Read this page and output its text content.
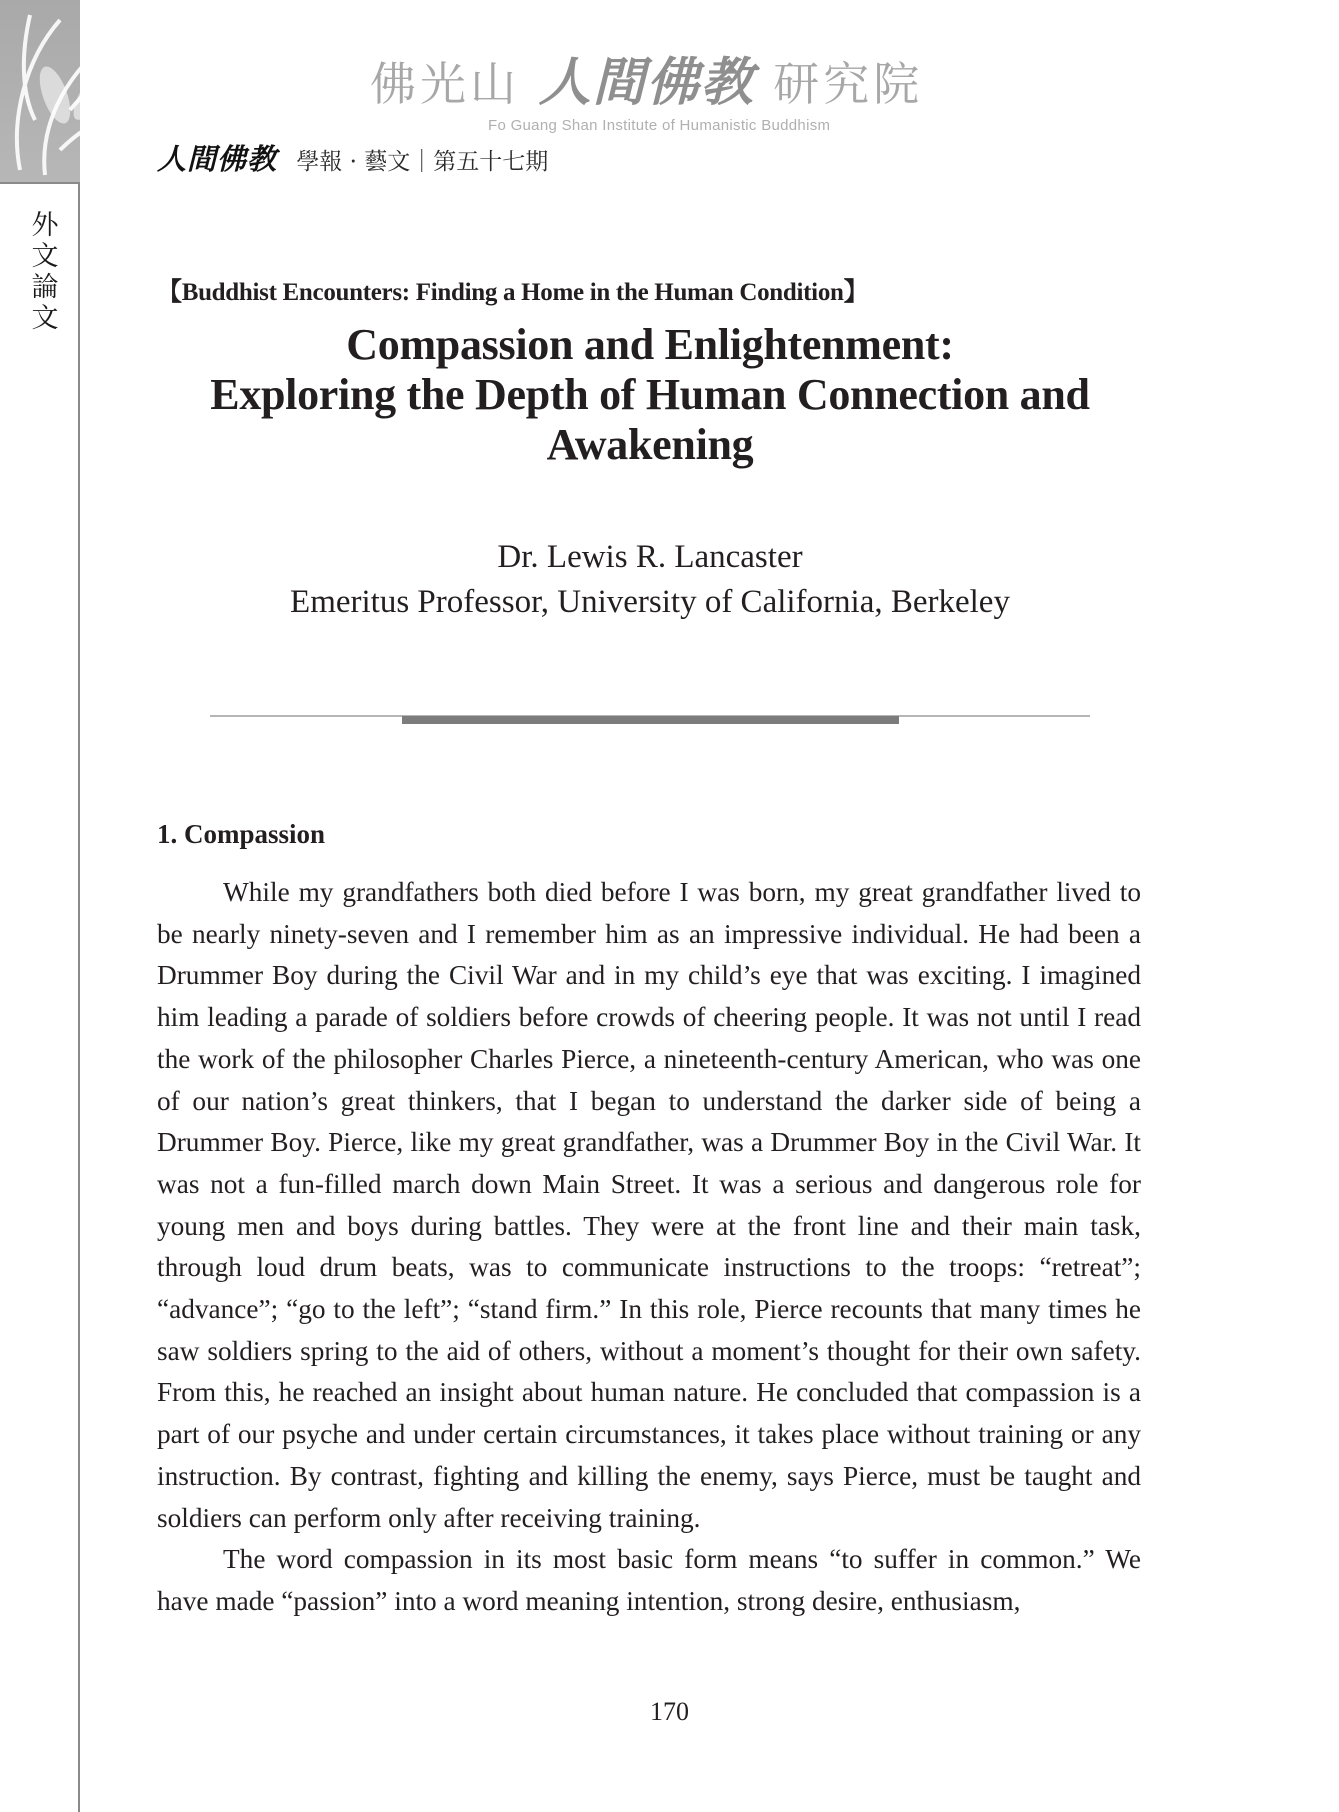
外文論文
佛光山 人間佛教 研究院
Fo Guang Shan Institute of Humanistic Buddhism
人間佛教 學報 · 藝文｜第五十七期
【Buddhist Encounters: Finding a Home in the Human Condition】
Compassion and Enlightenment:
Exploring the Depth of Human Connection and
Awakening
Dr. Lewis R. Lancaster
Emeritus Professor, University of California, Berkeley
1. Compassion

While my grandfathers both died before I was born, my great grandfather lived to be nearly ninety-seven and I remember him as an impressive individual. He had been a Drummer Boy during the Civil War and in my child’s eye that was exciting. I imagined him leading a parade of soldiers before crowds of cheering people. It was not until I read the work of the philosopher Charles Pierce, a nineteenth-century American, who was one of our nation’s great thinkers, that I began to understand the darker side of being a Drummer Boy. Pierce, like my great grandfather, was a Drummer Boy in the Civil War. It was not a fun-filled march down Main Street. It was a serious and dangerous role for young men and boys during battles. They were at the front line and their main task, through loud drum beats, was to communicate instructions to the troops: “retreat”; “advance”; “go to the left”; “stand firm.” In this role, Pierce recounts that many times he saw soldiers spring to the aid of others, without a moment’s thought for their own safety. From this, he reached an insight about human nature. He concluded that compassion is a part of our psyche and under certain circumstances, it takes place without training or any instruction. By contrast, fighting and killing the enemy, says Pierce, must be taught and soldiers can perform only after receiving training.

The word compassion in its most basic form means “to suffer in common.” We have made “passion” into a word meaning intention, strong desire, enthusiasm,

170
